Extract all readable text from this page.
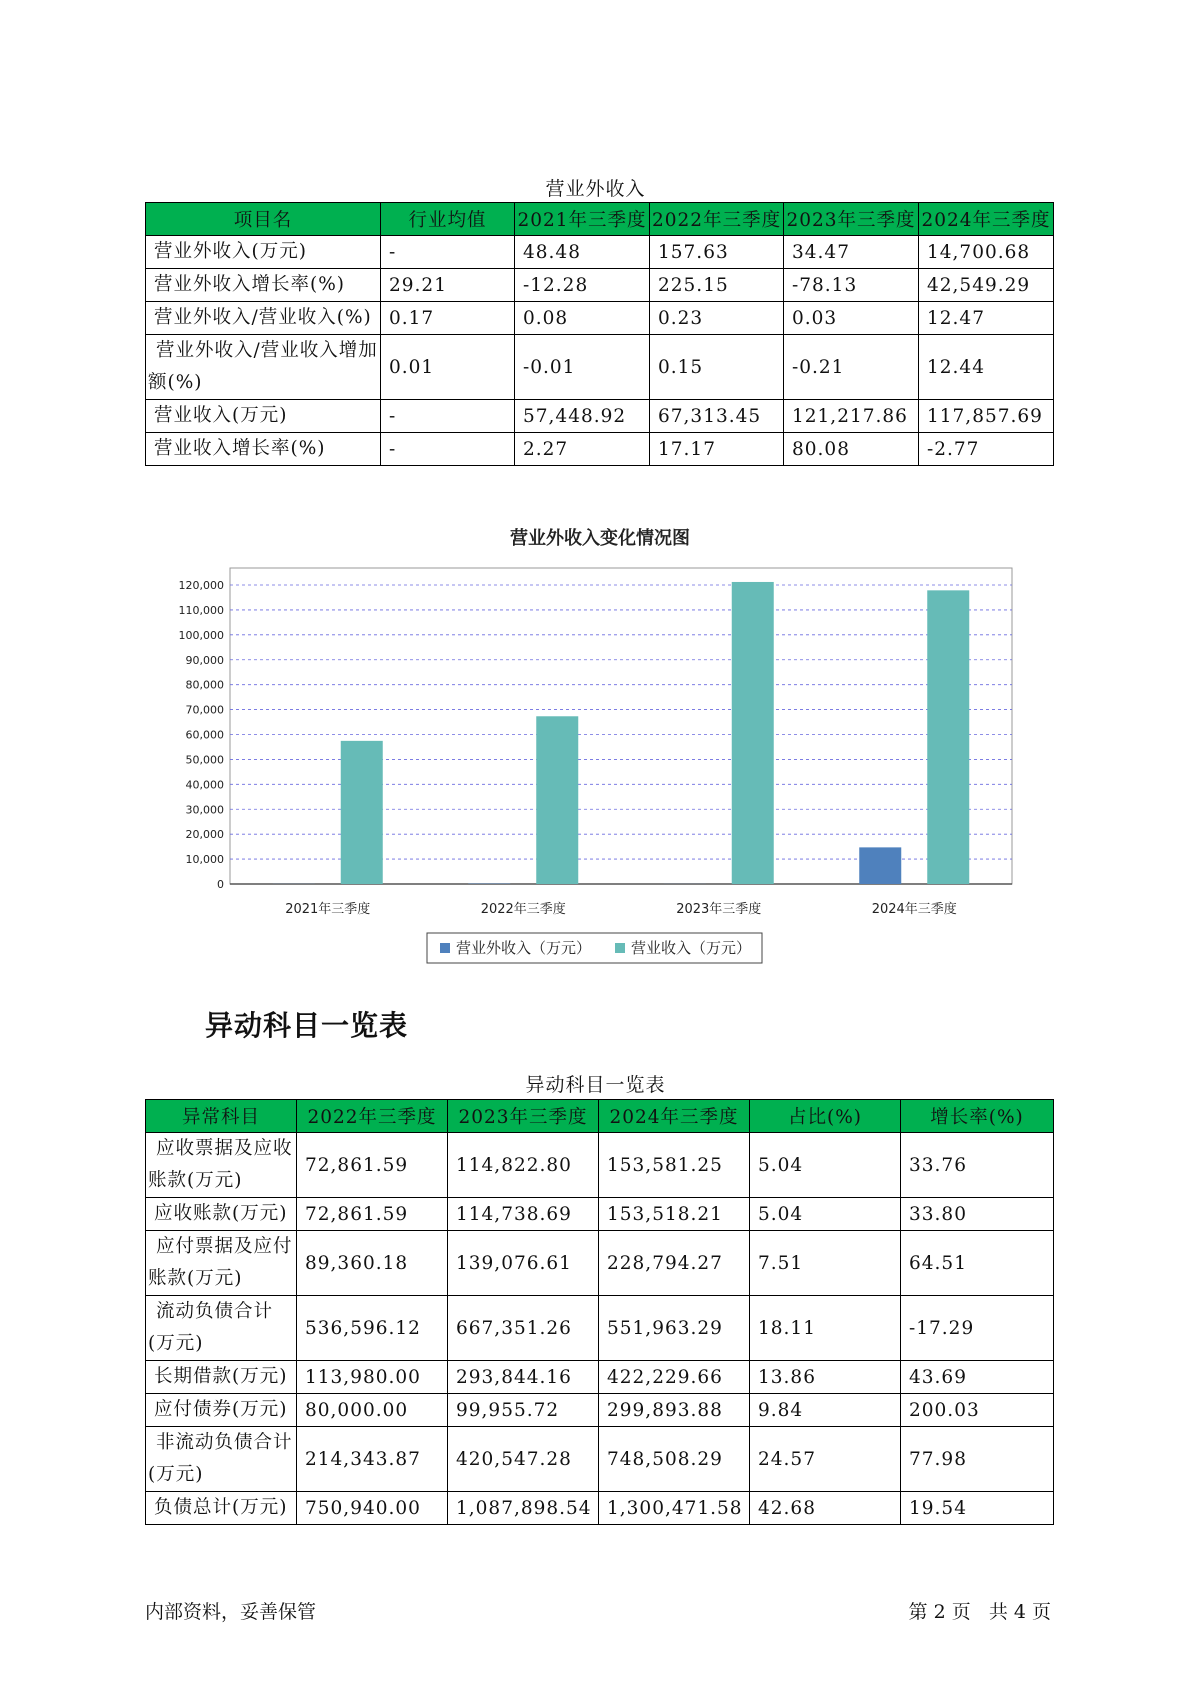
营业外收入
项目名	行业均值	2021年三季度	2022年三季度	2023年三季度	2024年三季度
营业外收入(万元)	-	48.48	157.63	34.47	14,700.68
营业外收入增长率(%)	29.21	-12.28	225.15	-78.13	42,549.29
营业外收入/营业收入(%)	0.17	0.08	0.23	0.03	12.47
营业外收入/营业收入增加额(%)	0.01	-0.01	0.15	-0.21	12.44
营业收入(万元)	-	57,448.92	67,313.45	121,217.86	117,857.69
营业收入增长率(%)	-	2.27	17.17	80.08	-2.77
营业外收入变化情况图
0
10,000
20,000
30,000
40,000
50,000
60,000
70,000
80,000
90,000
100,000
110,000
120,000
2021年三季度	2022年三季度	2023年三季度	2024年三季度
营业外收入（万元）	营业收入（万元）
异动科目一览表
异动科目一览表
异常科目	2022年三季度	2023年三季度	2024年三季度	占比(%)	增长率(%)
应收票据及应收账款(万元)	72,861.59	114,822.80	153,581.25	5.04	33.76
应收账款(万元)	72,861.59	114,738.69	153,518.21	5.04	33.80
应付票据及应付账款(万元)	89,360.18	139,076.61	228,794.27	7.51	64.51
流动负债合计(万元)	536,596.12	667,351.26	551,963.29	18.11	-17.29
长期借款(万元)	113,980.00	293,844.16	422,229.66	13.86	43.69
应付债券(万元)	80,000.00	99,955.72	299,893.88	9.84	200.03
非流动负债合计(万元)	214,343.87	420,547.28	748,508.29	24.57	77.98
负债总计(万元)	750,940.00	1,087,898.54	1,300,471.58	42.68	19.54
内部资料，妥善保管	第 2 页   共 4 页
